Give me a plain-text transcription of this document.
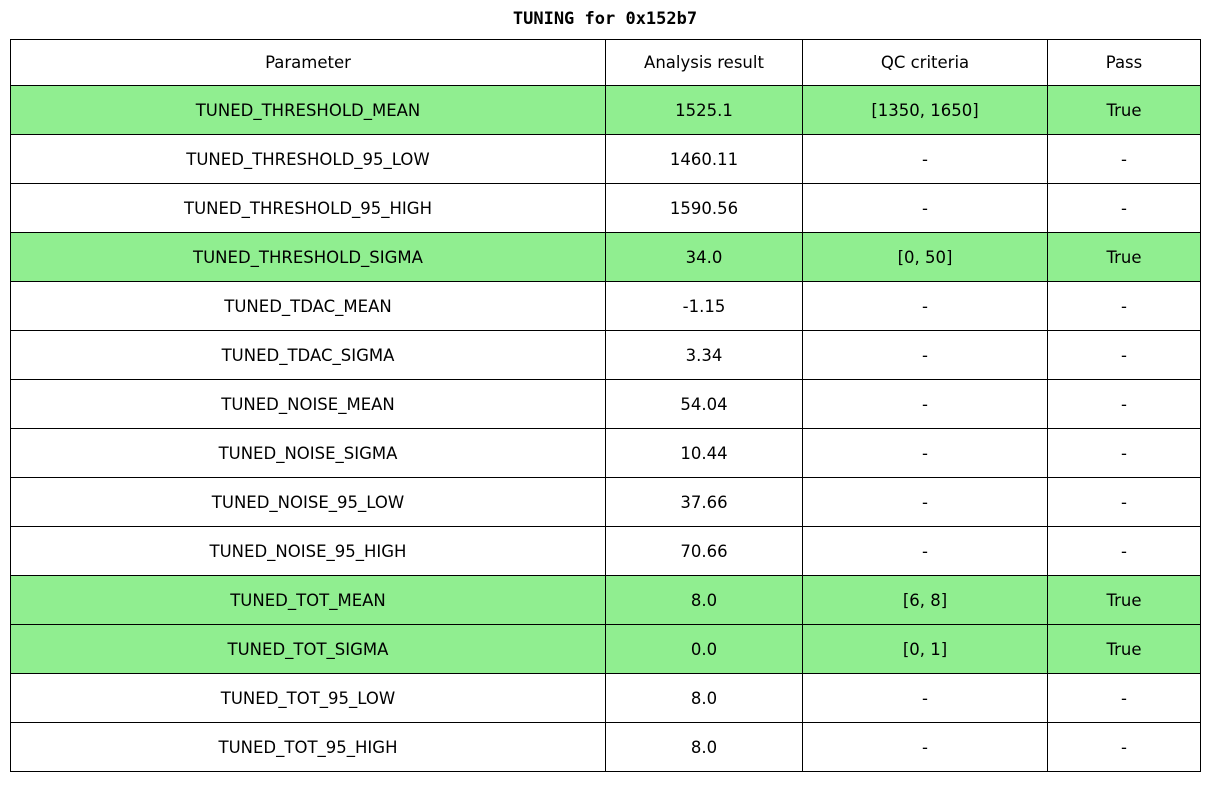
TUNING for 0x152b7
Parameter	Analysis result	QC criteria	Pass
TUNED_THRESHOLD_MEAN	1525.1	[1350, 1650]	True
TUNED_THRESHOLD_95_LOW	1460.11	-	-
TUNED_THRESHOLD_95_HIGH	1590.56	-	-
TUNED_THRESHOLD_SIGMA	34.0	[0, 50]	True
TUNED_TDAC_MEAN	-1.15	-	-
TUNED_TDAC_SIGMA	3.34	-	-
TUNED_NOISE_MEAN	54.04	-	-
TUNED_NOISE_SIGMA	10.44	-	-
TUNED_NOISE_95_LOW	37.66	-	-
TUNED_NOISE_95_HIGH	70.66	-	-
TUNED_TOT_MEAN	8.0	[6, 8]	True
TUNED_TOT_SIGMA	0.0	[0, 1]	True
TUNED_TOT_95_LOW	8.0	-	-
TUNED_TOT_95_HIGH	8.0	-	-
